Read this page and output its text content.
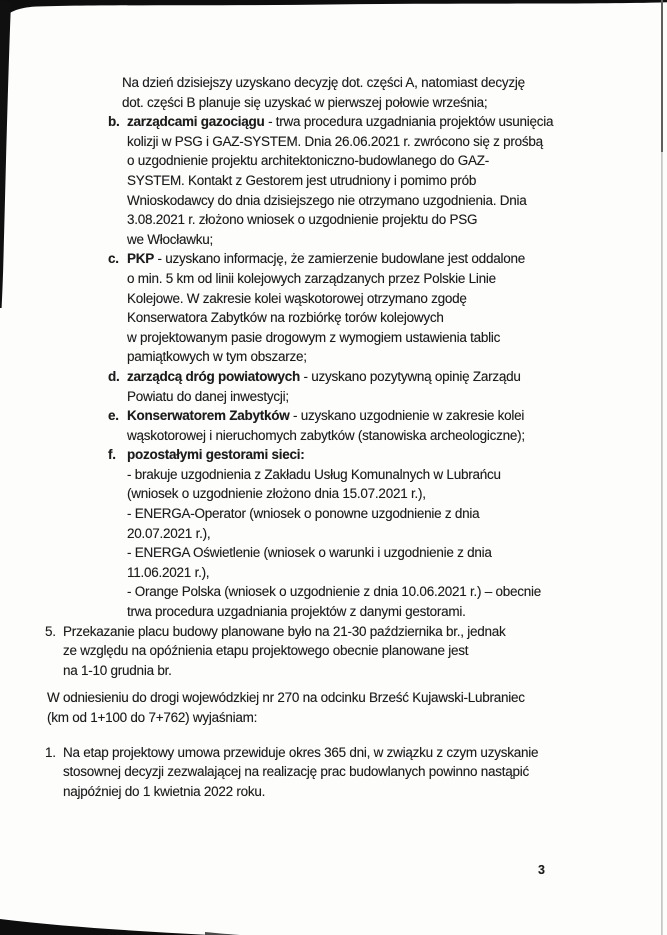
Na dzień dzisiejszy uzyskano decyzję dot. części A, natomiast decyzję
dot. części B planuje się uzyskać w pierwszej połowie września;
b. zarządcami gazociągu - trwa procedura uzgadniania projektów usunięcia
kolizji w PSG i GAZ-SYSTEM. Dnia 26.06.2021 r. zwrócono się z prośbą
o uzgodnienie projektu architektoniczno-budowlanego do GAZ-
SYSTEM. Kontakt z Gestorem jest utrudniony i pomimo prób
Wnioskodawcy do dnia dzisiejszego nie otrzymano uzgodnienia. Dnia
3.08.2021 r. złożono wniosek o uzgodnienie projektu do PSG
we Włocławku;
c. PKP - uzyskano informację, że zamierzenie budowlane jest oddalone
o min. 5 km od linii kolejowych zarządzanych przez Polskie Linie
Kolejowe. W zakresie kolei wąskotorowej otrzymano zgodę
Konserwatora Zabytków na rozbiórkę torów kolejowych
w projektowanym pasie drogowym z wymogiem ustawienia tablic
pamiątkowych w tym obszarze;
d. zarządcą dróg powiatowych - uzyskano pozytywną opinię Zarządu
Powiatu do danej inwestycji;
e. Konserwatorem Zabytków - uzyskano uzgodnienie w zakresie kolei
wąskotorowej i nieruchomych zabytków (stanowiska archeologiczne);
f. pozostałymi gestorami sieci:
- brakuje uzgodnienia z Zakładu Usług Komunalnych w Lubrańcu
(wniosek o uzgodnienie złożono dnia 15.07.2021 r.),
- ENERGA-Operator (wniosek o ponowne uzgodnienie z dnia
20.07.2021 r.),
- ENERGA Oświetlenie (wniosek o warunki i uzgodnienie z dnia
11.06.2021 r.),
- Orange Polska (wniosek o uzgodnienie z dnia 10.06.2021 r.) – obecnie
trwa procedura uzgadniania projektów z danymi gestorami.
5. Przekazanie placu budowy planowane było na 21-30 października br., jednak
ze względu na opóźnienia etapu projektowego obecnie planowane jest
na 1-10 grudnia br.
W odniesieniu do drogi wojewódzkiej nr 270 na odcinku Brześć Kujawski-Lubraniec
(km od 1+100 do 7+762) wyjaśniam:
1. Na etap projektowy umowa przewiduje okres 365 dni, w związku z czym uzyskanie
stosownej decyzji zezwalającej na realizację prac budowlanych powinno nastąpić
najpóźniej do 1 kwietnia 2022 roku.
3
